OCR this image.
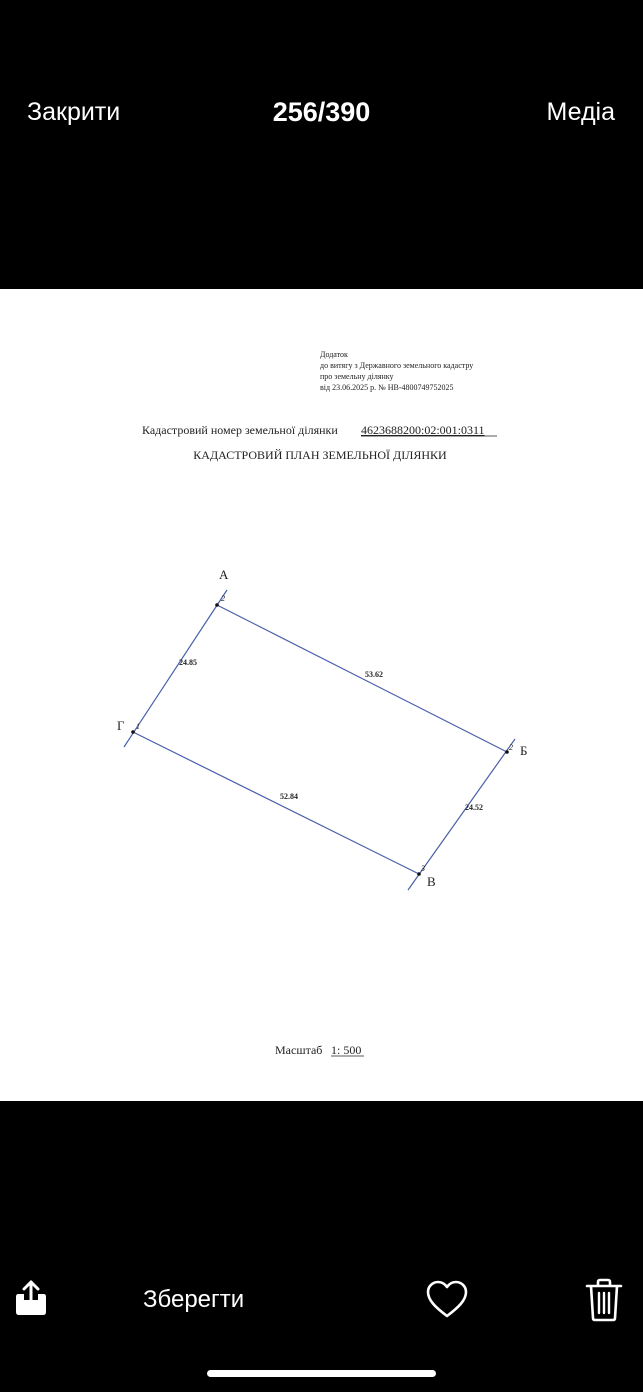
Закрити	256/390	Медіа
Додаток
до витягу з Державного земельного кадастру
про земельну ділянку
від 23.06.2025 р. № НВ-4800749752025
Кадастровий номер земельної ділянки 4623688200:02:001:0311
КАДАСТРОВИЙ ПЛАН ЗЕМЕЛЬНОЇ ДІЛЯНКИ
2
2
3
1
А
Б
В
Г
53.62
24.52
52.84
24.85
Масштаб 1: 500
Зберегти
